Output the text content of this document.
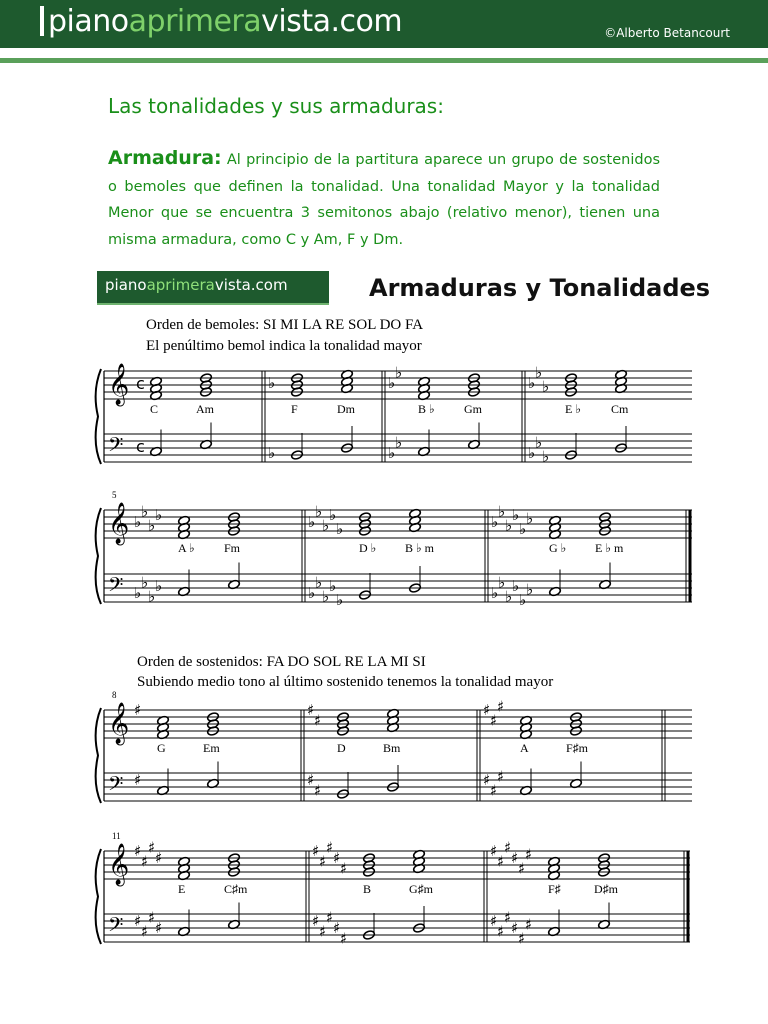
pianoaprimeravista.com	©Alberto Betancourt
Las tonalidades y sus armaduras:
Armadura: Al principio de la partitura aparece un grupo de sostenidos o bemoles que definen la tonalidad. Una tonalidad Mayor y la tonalidad Menor que se encuentra 3 semitonos abajo (relativo menor), tienen una misma armadura, como C y Am, F y Dm.
pianoaprimeravista.com	Armaduras y Tonalidades
Orden de bemoles: SI MI LA RE SOL DO FA
El penúltimo bemol indica la tonalidad mayor
Orden de sostenidos: FA DO SOL RE LA MI SI
Subiendo medio tono al último sostenido tenemos la tonalidad mayor
𝄞
𝄢
c
c
C	Am
♭
♭
F	Dm
♭
♭
♭
♭
B ♭ Gm
♭
♭
♭
♭
♭
♭
E ♭	Cm
𝄞
𝄢
5
♭
♭
♭
♭
♭
♭
♭
♭
A ♭ Fm
♭
♭
♭
♭
♭
♭
♭
♭
♭
♭
D ♭ B ♭ m
♭
♭
♭
♭
♭
♭
♭
♭
♭
♭
♭
♭
G ♭ E ♭ m
𝄞
𝄢
8
♯
♯
G	Em
♯
♯
♯
♯
D	Bm
♯
♯
♯
♯
♯
♯
A	F♯m
𝄞
𝄢
11
♯
♯
♯
♯
♯
♯
♯
♯
E	C♯m
♯
♯
♯
♯
♯
♯
♯
♯
♯
♯
B	G♯m
♯
♯
♯
♯
♯
♯
♯
♯
♯
♯
♯
♯
F♯	D♯m
